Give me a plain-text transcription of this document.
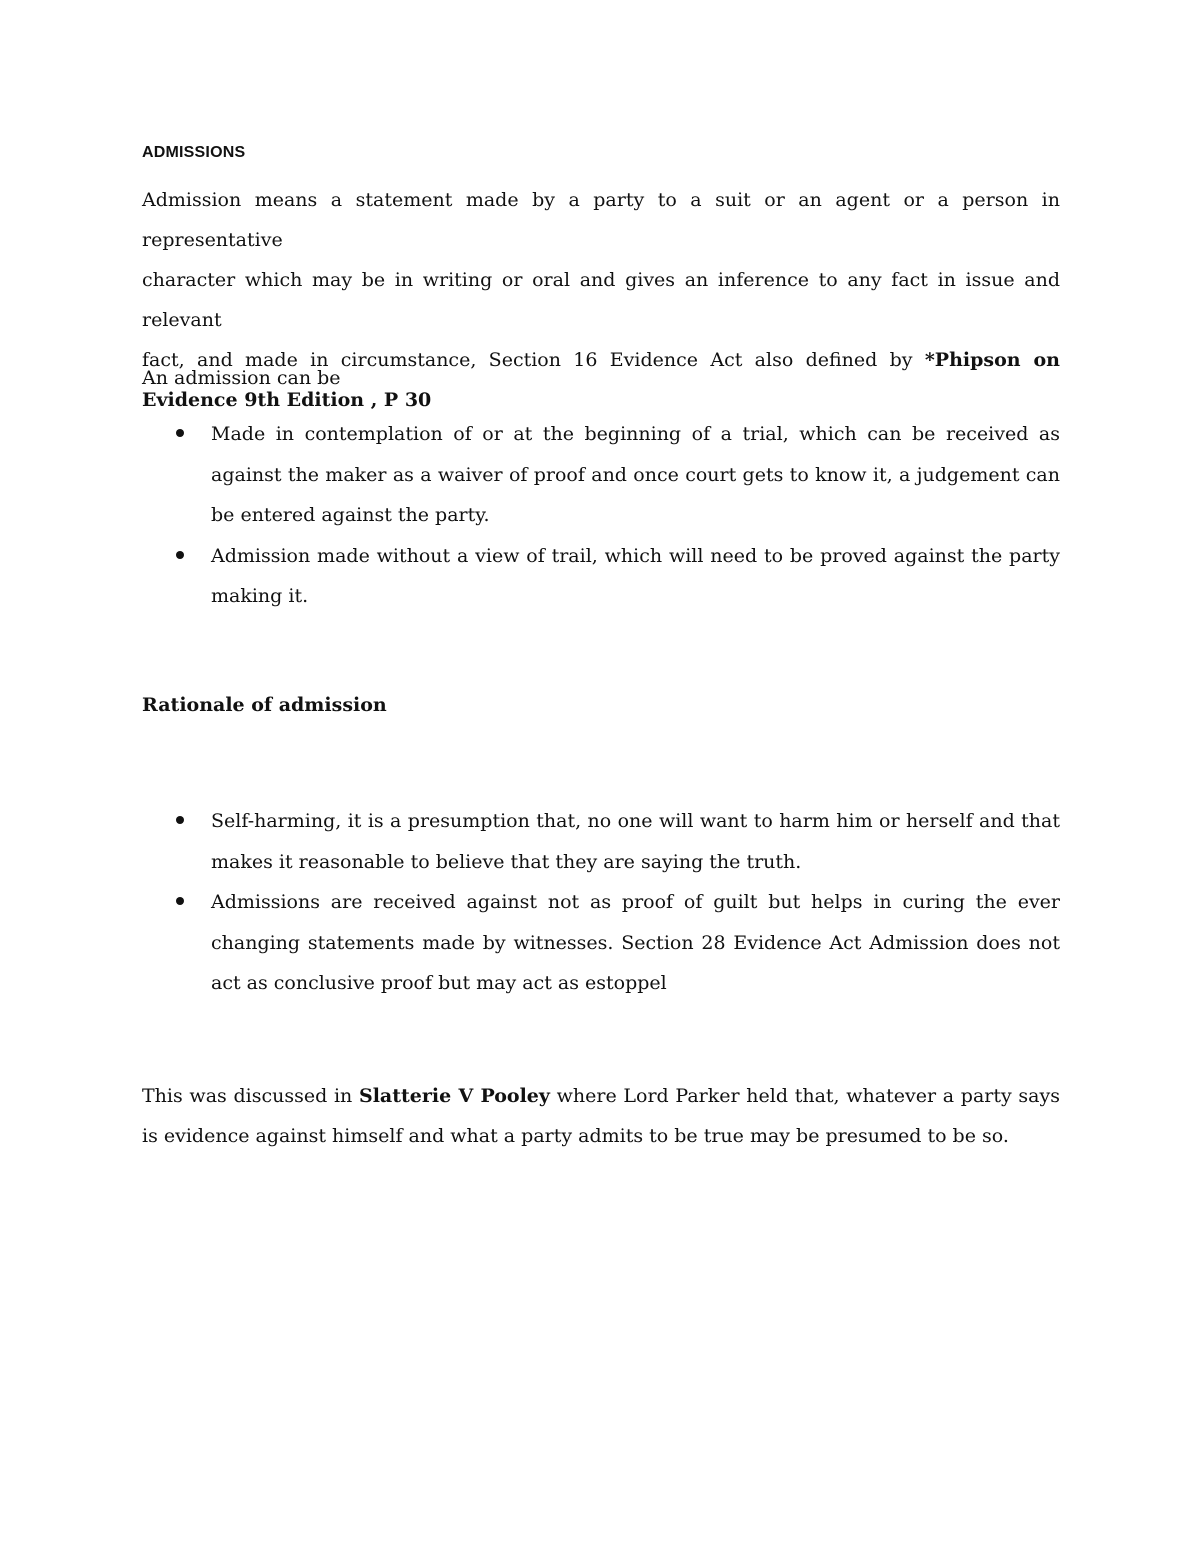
ADMISSIONS
Admission means a statement made by a party to a suit or an agent or a person in representative
character which may be in writing or oral and gives an inference to any fact in issue and relevant
fact, and made in circumstance, Section 16 Evidence Act also defined by *Phipson on
Evidence 9th Edition , P 30
An admission can be
Made in contemplation of or at the beginning of a trial, which can be received as against the maker as a waiver of proof and once court gets to know it, a judgement can be entered against the party.
Admission made without a view of trail, which will need to be proved against the party making it.
Rationale of admission
Self-harming, it is a presumption that, no one will want to harm him or herself and that makes it reasonable to believe that they are saying the truth.
Admissions are received against not as proof of guilt but helps in curing the ever changing statements made by witnesses. Section 28 Evidence Act Admission does not act as conclusive proof but may act as estoppel
This was discussed in Slatterie V Pooley where Lord Parker held that, whatever a party says is evidence against himself and what a party admits to be true may be presumed to be so.
